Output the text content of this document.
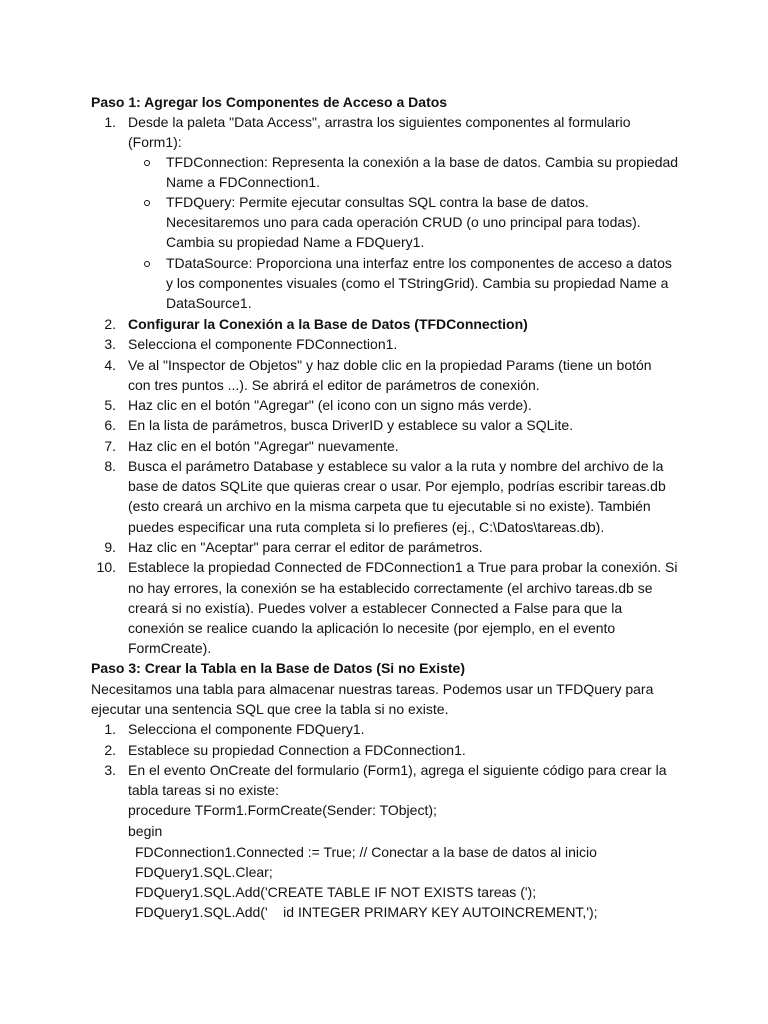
Paso 1: Agregar los Componentes de Acceso a Datos
1. Desde la paleta "Data Access", arrastra los siguientes componentes al formulario
(Form1):
TFDConnection: Representa la conexión a la base de datos. Cambia su propiedad
Name a FDConnection1.
TFDQuery: Permite ejecutar consultas SQL contra la base de datos.
Necesitaremos uno para cada operación CRUD (o uno principal para todas).
Cambia su propiedad Name a FDQuery1.
TDataSource: Proporciona una interfaz entre los componentes de acceso a datos
y los componentes visuales (como el TStringGrid). Cambia su propiedad Name a
DataSource1.
2. Configurar la Conexión a la Base de Datos (TFDConnection)
3. Selecciona el componente FDConnection1.
4. Ve al "Inspector de Objetos" y haz doble clic en la propiedad Params (tiene un botón
con tres puntos ...). Se abrirá el editor de parámetros de conexión.
5. Haz clic en el botón "Agregar" (el icono con un signo más verde).
6. En la lista de parámetros, busca DriverID y establece su valor a SQLite.
7. Haz clic en el botón "Agregar" nuevamente.
8. Busca el parámetro Database y establece su valor a la ruta y nombre del archivo de la
base de datos SQLite que quieras crear o usar. Por ejemplo, podrías escribir tareas.db
(esto creará un archivo en la misma carpeta que tu ejecutable si no existe). También
puedes especificar una ruta completa si lo prefieres (ej., C:\Datos\tareas.db).
9. Haz clic en "Aceptar" para cerrar el editor de parámetros.
10. Establece la propiedad Connected de FDConnection1 a True para probar la conexión. Si
no hay errores, la conexión se ha establecido correctamente (el archivo tareas.db se
creará si no existía). Puedes volver a establecer Connected a False para que la
conexión se realice cuando la aplicación lo necesite (por ejemplo, en el evento
FormCreate).
Paso 3: Crear la Tabla en la Base de Datos (Si no Existe)
Necesitamos una tabla para almacenar nuestras tareas. Podemos usar un TFDQuery para
ejecutar una sentencia SQL que cree la tabla si no existe.
1. Selecciona el componente FDQuery1.
2. Establece su propiedad Connection a FDConnection1.
3. En el evento OnCreate del formulario (Form1), agrega el siguiente código para crear la
tabla tareas si no existe:
procedure TForm1.FormCreate(Sender: TObject);
begin
FDConnection1.Connected := True; // Conectar a la base de datos al inicio
FDQuery1.SQL.Clear;
FDQuery1.SQL.Add('CREATE TABLE IF NOT EXISTS tareas (');
FDQuery1.SQL.Add('    id INTEGER PRIMARY KEY AUTOINCREMENT,');
